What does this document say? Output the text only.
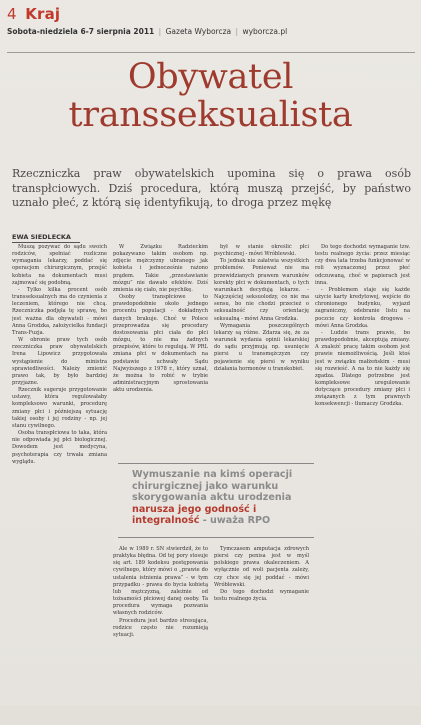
4 Kraj
Sobota-niedziela 6-7 sierpnia 2011 | Gazeta Wyborcza | wyborcza.pl
Obywatel
transseksualista
Rzeczniczka praw obywatelskich upomina się o prawa osób transpłciowych. Dziś procedura, którą muszą przejść, by państwo uznało płeć, z którą się identyfikują, to droga przez mękę
EWA SIEDLECKA

Muszą pozywać do sądu swoich rodziców, spełniać rozliczne wymagania lekarzy, poddać się operacjom chirurgicznym, przejść kobieta na dokumentach musi zajmować się podobną.

- Tylko kilka procent osób transseksualnych ma do czynienia z leczeniem, którego nie chcą. Rzeczniczka podjęła tę sprawę, bo jest ważna dla obywateli - mówi Anna Grodzka, założycielka fundacji Trans-Fuzja.

W obronie praw tych osób rzeczniczka praw obywatelskich Irena Lipowicz przygotowała wystąpienie do ministra sprawiedliwości. Należy zmienić prawo tak, by było bardziej przyjazne.

Rzecznik sugeruje przygotowanie ustawy, która regulowałaby kompleksowo warunki, procedurę zmiany płci i późniejszą sytuację takiej osoby i jej rodziny - np. jej stanu cywilnego.

Osoba transpłciowa to taka, która nie odpowiada jej płci biologicznej. Dowodem jest medycyna, psychoterapia czy trwała zmiana wyglądu.

W Związku Radzieckim pokazywano takim osobom np. zdjęcie mężczyzny ubranego jak kobieta i jednocześnie rażono prądem. Takie „przestawianie mózgu” nie dawało efektów. Dziś zmienia się ciało, nie psychikę.

Osoby transpłciowe to prawdopodobnie około jednego procentu populacji - dokładnych danych brakuje. Choć w Polsce przeprowadza się procedury dostosowania płci ciała do płci mózgu, to nie ma żadnych przepisów, które to regulują. W PRL zmiana płci w dokumentach na podstawie uchwały Sądu Najwyższego z 1978 r., który uznał, że można to robić w trybie administracyjnym sprostowania aktu urodzenia.

był w stanie określić płci psychicznej - mówi Wróblewski.

To jednak nie załatwia wszystkich problemów. Ponieważ nie ma przewidzianych prawem warunków korekty płci w dokumentach, o tych warunkach decydują lekarze. - Najczęściej seksuolodzy, co nie ma sensu, bo nie chodzi przecież o seksualność czy orientację seksualną - mówi Anna Grodzka.

Wymagania poszczególnych lekarzy są różne. Zdarza się, że za warunek wydania opinii lekarskiej do sądu przyjmują np. usunięcie piersi u transmężczyzn czy pojawienie się piersi w wyniku działania hormonów u transkobiet.

Wymuszanie na kimś operacji chirurgicznej jako warunku skorygowania aktu urodzenia narusza jego godność i integralność - uważa RPO

Ale w 1989 r. SN stwierdził, że to praktyka błędna. Od tej pory stosuje się art. 189 kodeksu postępowania cywilnego, który mówi o „prawie do ustalenia istnienia prawa” - w tym przypadku - prawa do bycia kobietą lub mężczyzną, zależnie od tożsamości płciowej danej osoby. Ta procedura wymaga pozwania własnych rodziców.

Procedura jest bardzo stresująca, rodzice często nie rozumieją sytuacji.

Tymczasem amputacja zdrowych piersi czy penisa jest w myśl polskiego prawa okaleczeniem. A wyłącznie od woli pacjenta zależy, czy chce się jej poddać - mówi Wróblewski.

Do tego dochodzi wymaganie testu realnego życia.

Do tego dochodzi wymaganie tzw. testu realnego życia: przez miesiąc czy dwa lata trzeba funkcjonować w roli wyznaczonej przez płeć odczuwaną, choć w papierach jest inna.

- Problemem staje się każde użycie karty kredytowej, wejście do chronionego budynku, wyjazd zagraniczny, odebranie listu na poczcie czy kontrola drogowa - mówi Anna Grodzka.

- Ludzie trans prawie, bo prawdopodobnie, akceptują zmiany. A znaleźć pracę takim osobom jest prawie niemożliwością. Jeśli ktoś jest w związku małżeńskim - musi się rozwieść. A na to nie każdy się zgadza. Dlatego potrzebne jest kompleksowe uregulowanie dotyczące procedury zmiany płci i związanych z tym prawnych konsekwencji - tłumaczy Grodzka.
